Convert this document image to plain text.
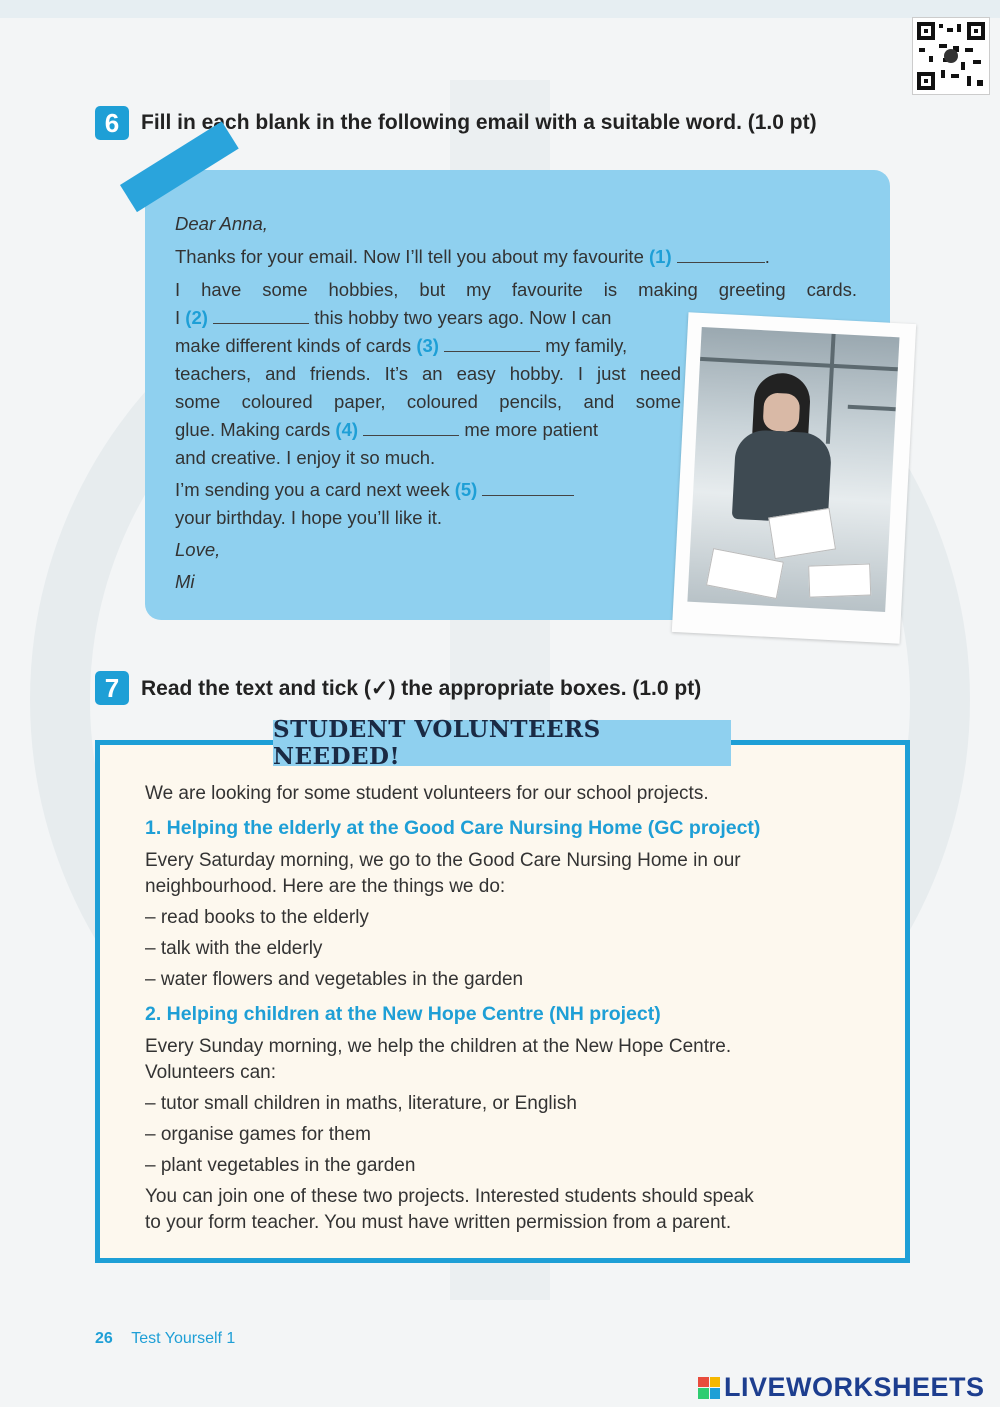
6	Fill in each blank in the following email with a suitable word. (1.0 pt)
Dear Anna,
Thanks for your email. Now I’ll tell you about my favourite (1)	.
I have some hobbies, but my favourite is making greeting cards.
I (2)	this hobby two years ago. Now I can
make different kinds of cards (3)	my family,
teachers, and friends. It’s an easy hobby. I just need
some coloured paper, coloured pencils, and some
glue. Making cards (4)	me more patient
and creative. I enjoy it so much.
I’m sending you a card next week (5)
your birthday. I hope you’ll like it.
Love,
Mi
7	Read the text and tick (✓) the appropriate boxes. (1.0 pt)
STUDENT VOLUNTEERS NEEDED!
We are looking for some student volunteers for our school projects.
1. Helping the elderly at the Good Care Nursing Home (GC project)
Every Saturday morning, we go to the Good Care Nursing Home in our
neighbourhood. Here are the things we do:
– read books to the elderly
– talk with the elderly
– water flowers and vegetables in the garden
2. Helping children at the New Hope Centre (NH project)
Every Sunday morning, we help the children at the New Hope Centre.
Volunteers can:
– tutor small children in maths, literature, or English
– organise games for them
– plant vegetables in the garden
You can join one of these two projects. Interested students should speak
to your form teacher. You must have written permission from a parent.
26 Test Yourself 1
LIVEWORKSHEETS
